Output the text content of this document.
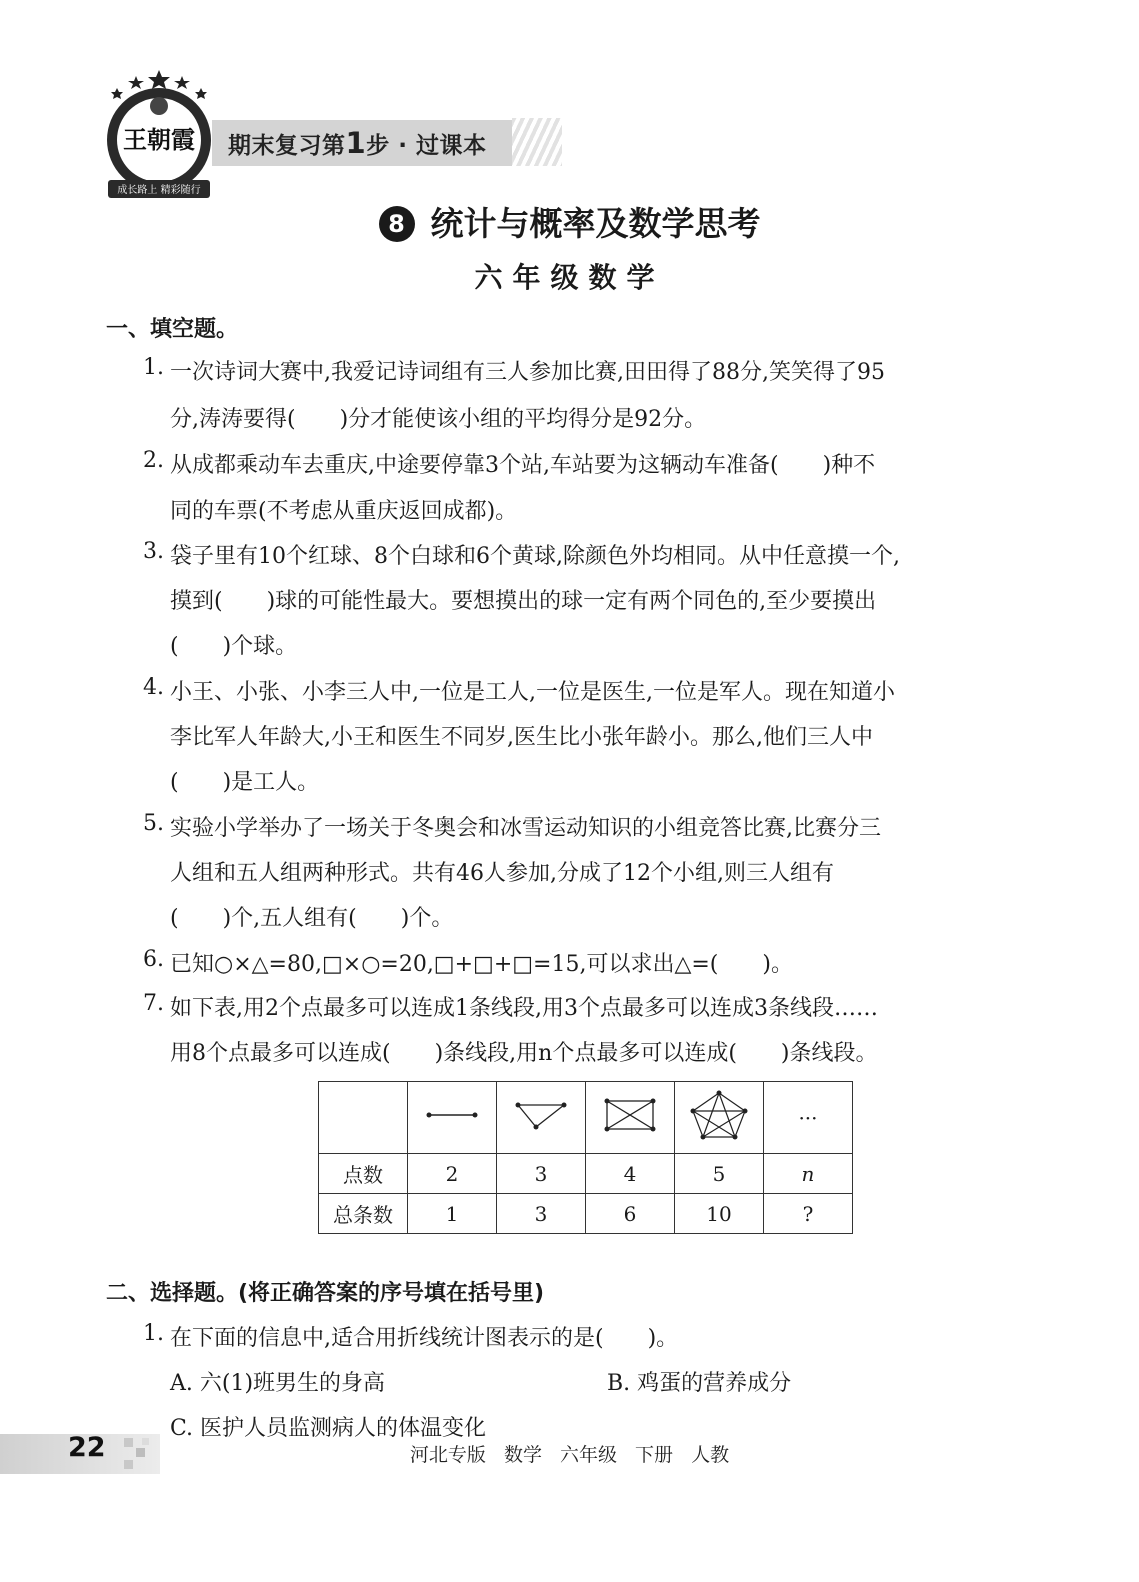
王朝霞
成长路上 精彩随行
期末复习第1步 · 过课本
8 统计与概率及数学思考
六年级数学
一、填空题。
1. 一次诗词大赛中,我爱记诗词组有三人参加比赛,田田得了88分,笑笑得了95
分,涛涛要得(　　)分才能使该小组的平均得分是92分。
2. 从成都乘动车去重庆,中途要停靠3个站,车站要为这辆动车准备(　　)种不
同的车票(不考虑从重庆返回成都)。
3. 袋子里有10个红球、8个白球和6个黄球,除颜色外均相同。从中任意摸一个,
摸到(　　)球的可能性最大。要想摸出的球一定有两个同色的,至少要摸出
(　　)个球。
4. 小王、小张、小李三人中,一位是工人,一位是医生,一位是军人。现在知道小
李比军人年龄大,小王和医生不同岁,医生比小张年龄小。那么,他们三人中
(　　)是工人。
5. 实验小学举办了一场关于冬奥会和冰雪运动知识的小组竞答比赛,比赛分三
人组和五人组两种形式。共有46人参加,分成了12个小组,则三人组有
(　　)个,五人组有(　　)个。
6. 已知○×△=80,□×○=20,□+□+□=15,可以求出△=(　　)。
7. 如下表,用2个点最多可以连成1条线段,用3个点最多可以连成3条线段……
用8个点最多可以连成(　　)条线段,用n个点最多可以连成(　　)条线段。
					···
点数	2	3	4	5	n
总条数	1	3	6	10	?
二、选择题。(将正确答案的序号填在括号里)
1. 在下面的信息中,适合用折线统计图表示的是(　　)。
A. 六(1)班男生的身高	B. 鸡蛋的营养成分
C. 医护人员监测病人的体温变化
22	河北专版 数学 六年级 下册 人教
